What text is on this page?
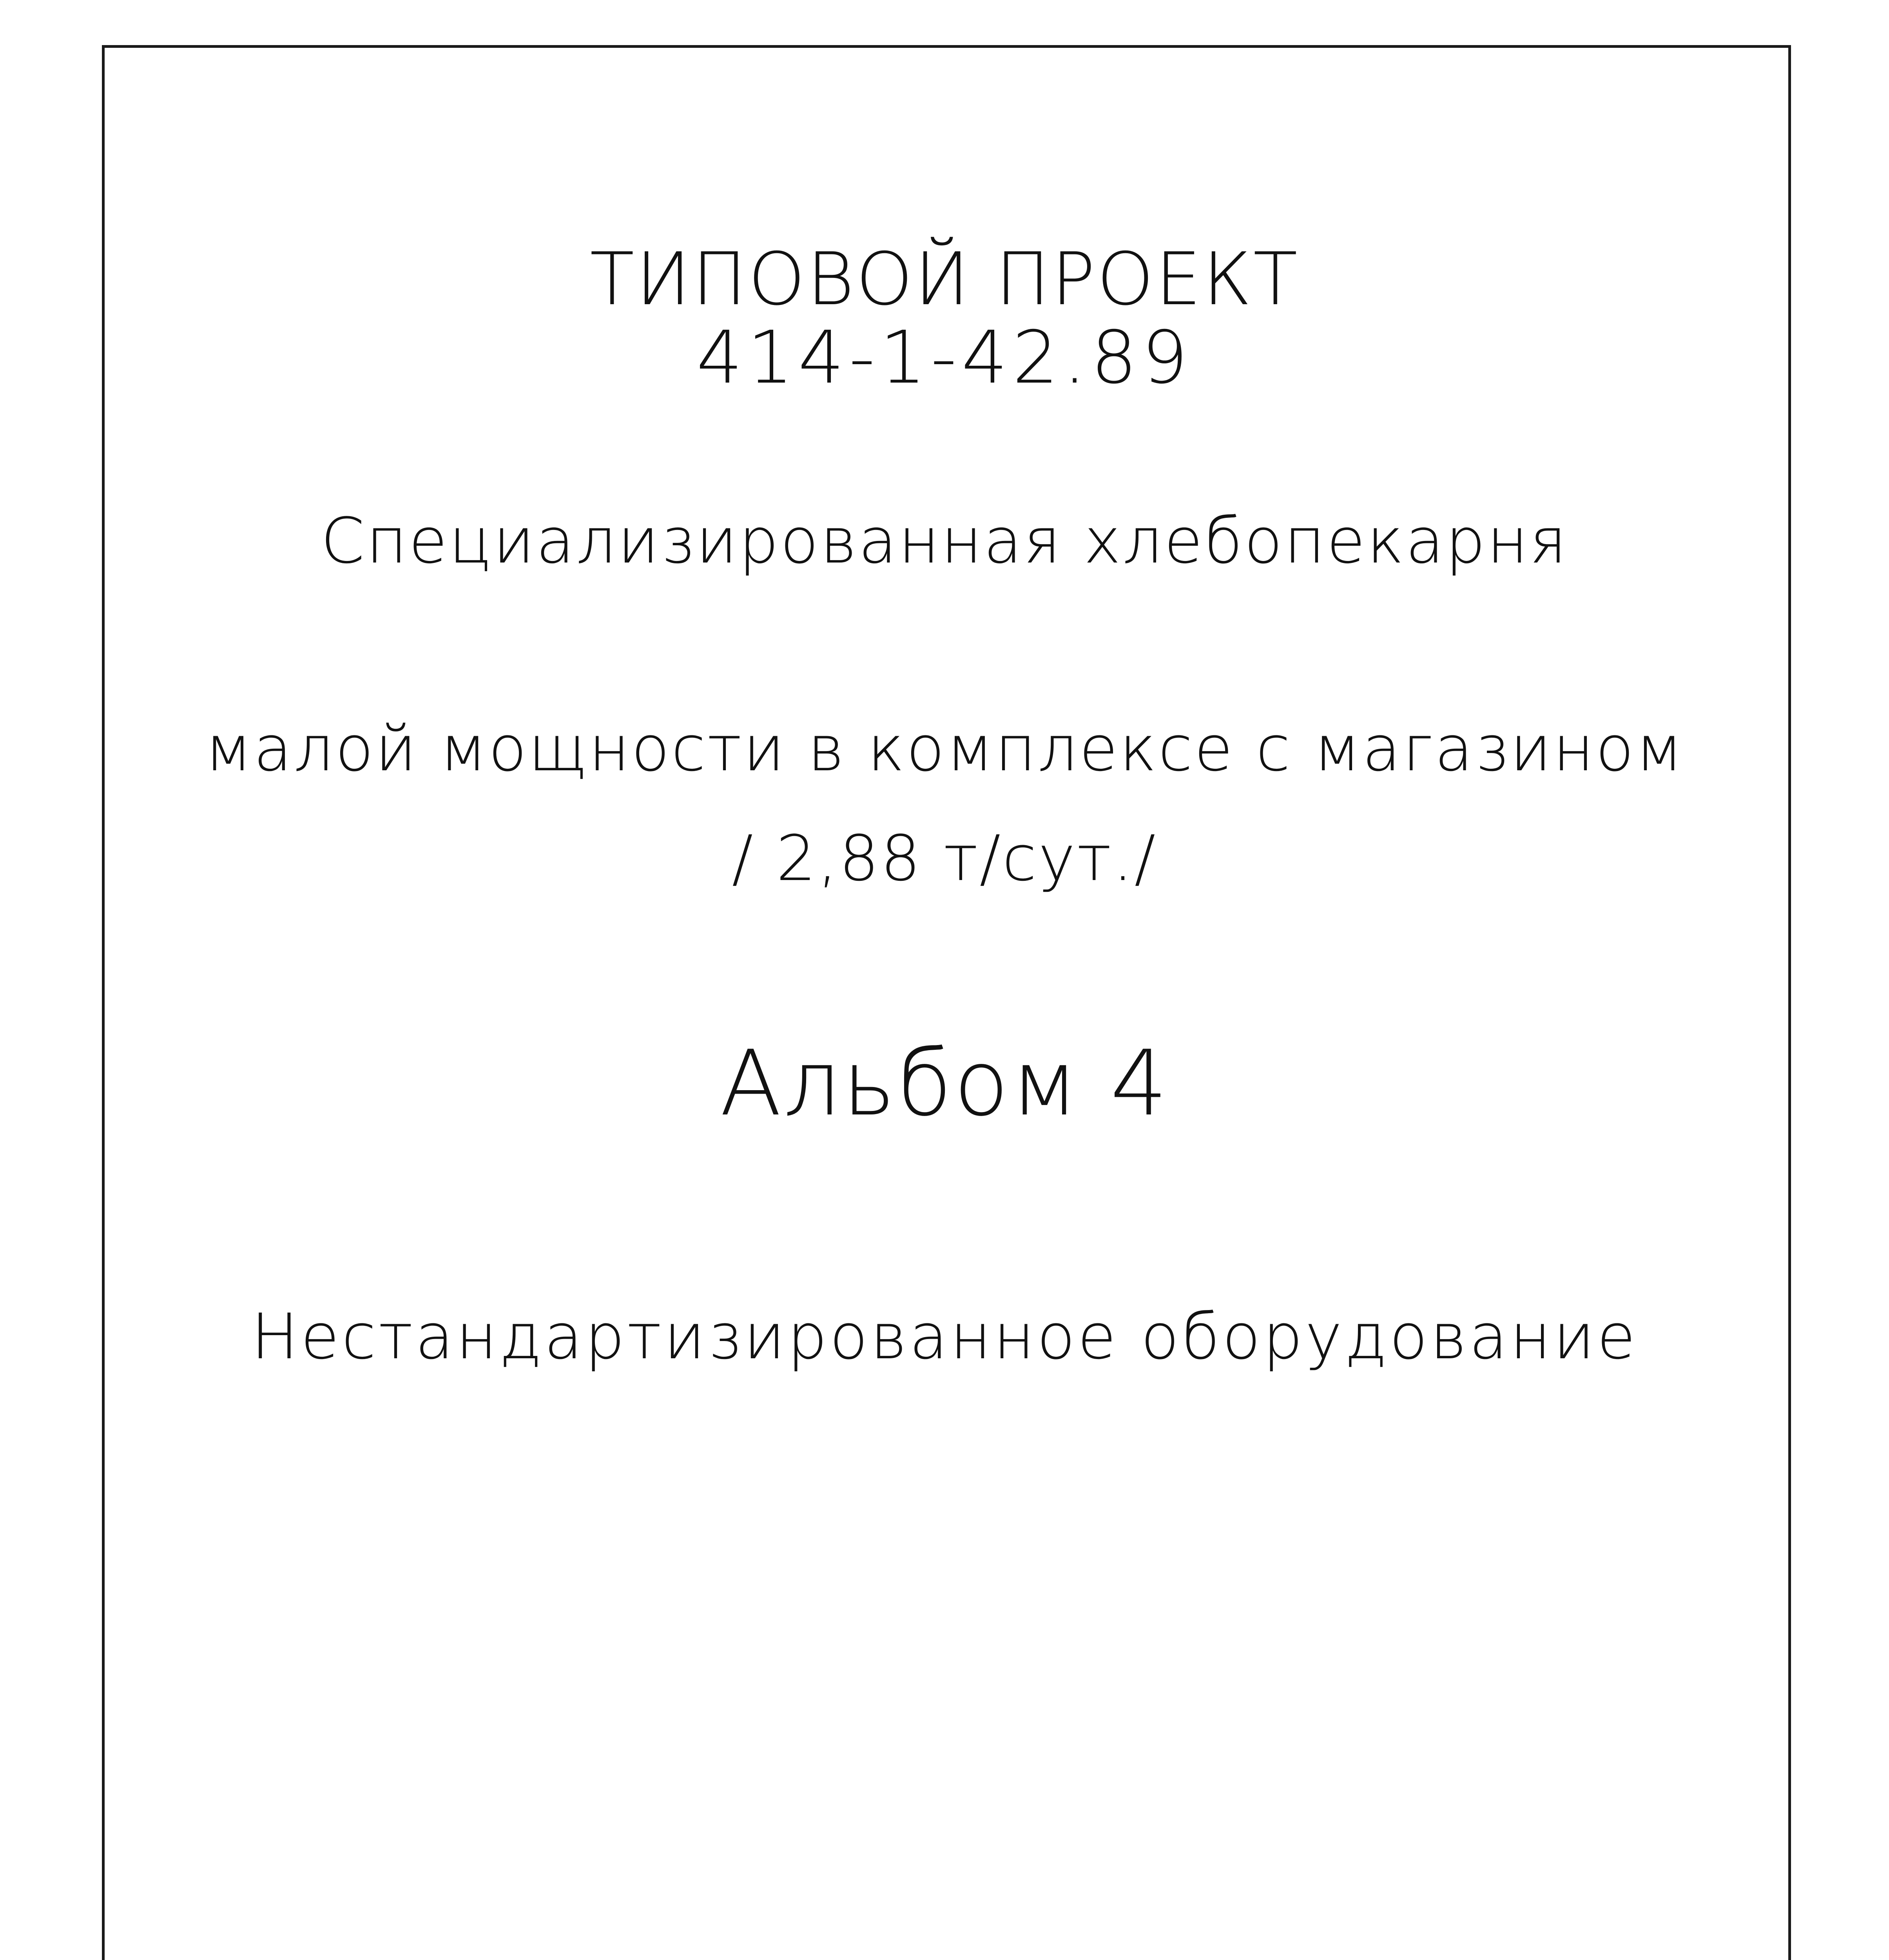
ТИПОВОЙ ПРОЕКТ
414-1-42.89
Специализированная хлебопекарня
малой мощности в комплексе с магазином
/ 2,88 т/сут./
Альбом 4
Нестандартизированное оборудование
